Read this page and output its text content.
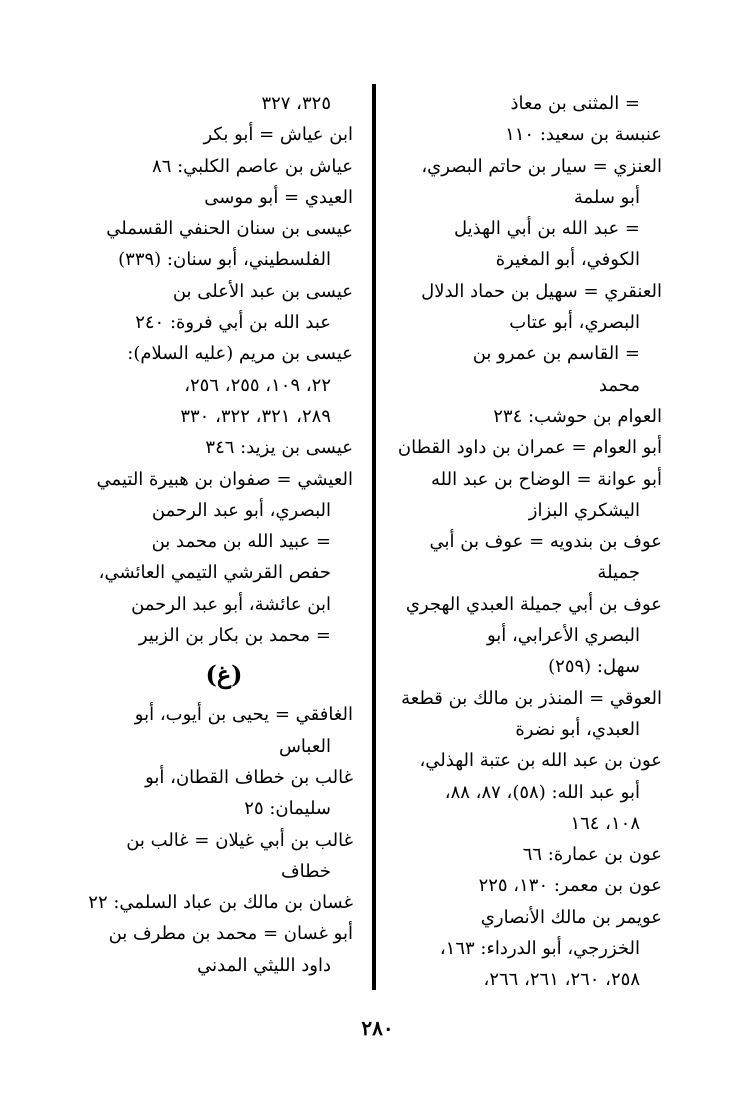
= المثنى بن معاذ
عنبسة بن سعيد: ١١٠
العنزي = سيار بن حاتم البصري،
أبو سلمة
= عبد الله بن أبي الهذيل
الكوفي، أبو المغيرة
العنقري = سهيل بن حماد الدلال
البصري، أبو عتاب
= القاسم بن عمرو بن
محمد
العوام بن حوشب: ٢٣٤
أبو العوام = عمران بن داود القطان
أبو عوانة = الوضاح بن عبد الله
اليشكري البزاز
عوف بن بندويه = عوف بن أبي
جميلة
عوف بن أبي جميلة العبدي الهجري
البصري الأعرابي، أبو
سهل: (٢٥٩)
العوقي = المنذر بن مالك بن قطعة
العبدي، أبو نضرة
عون بن عبد الله بن عتبة الهذلي،
أبو عبد الله: (٥٨)، ٨٧، ٨٨،
١٠٨، ١٦٤
عون بن عمارة: ٦٦
عون بن معمر: ١٣٠، ٢٢٥
عويمر بن مالك الأنصاري
الخزرجي، أبو الدرداء: ١٦٣،
٢٥٨، ٢٦٠، ٢٦١، ٢٦٦،
٣٢٥، ٣٢٧
ابن عياش = أبو بكر
عياش بن عاصم الكلبي: ٨٦
العيدي = أبو موسى
عيسى بن سنان الحنفي القسملي
الفلسطيني، أبو سنان: (٣٣٩)
عيسى بن عبد الأعلى بن
عبد الله بن أبي فروة: ٢٤٠
عيسى بن مريم (عليه السلام):
٢٢، ١٠٩، ٢٥٥، ٢٥٦،
٢٨٩، ٣٢١، ٣٢٢، ٣٣٠
عيسى بن يزيد: ٣٤٦
العيشي = صفوان بن هبيرة التيمي
البصري، أبو عبد الرحمن
= عبيد الله بن محمد بن
حفص القرشي التيمي العائشي،
ابن عائشة، أبو عبد الرحمن
= محمد بن بكار بن الزبير
(غ)
الغافقي = يحيى بن أيوب، أبو
العباس
غالب بن خطاف القطان، أبو
سليمان: ٢٥
غالب بن أبي غيلان = غالب بن
خطاف
غسان بن مالك بن عباد السلمي: ٢٢
أبو غسان = محمد بن مطرف بن
داود الليثي المدني
٢٨٠
